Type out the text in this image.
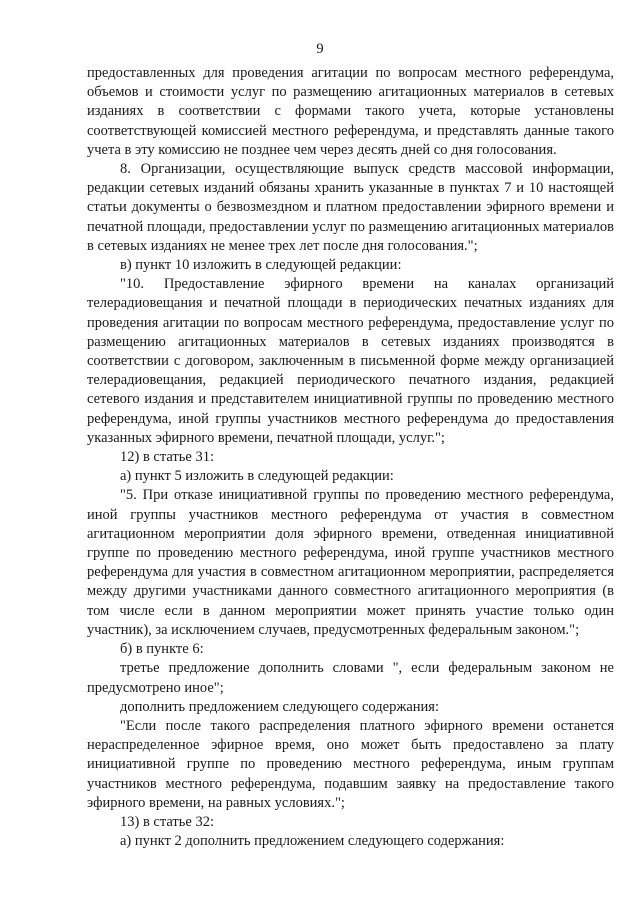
9

предоставленных для проведения агитации по вопросам местного референдума, объемов и стоимости услуг по размещению агитационных материалов в сетевых изданиях в соответствии с формами такого учета, которые установлены соответствующей комиссией местного референдума, и представлять данные такого учета в эту комиссию не позднее чем через десять дней со дня голосования.

8. Организации, осуществляющие выпуск средств массовой информации, редакции сетевых изданий обязаны хранить указанные в пунктах 7 и 10 настоящей статьи документы о безвозмездном и платном предоставлении эфирного времени и печатной площади, предоставлении услуг по размещению агитационных материалов в сетевых изданиях не менее трех лет после дня голосования.";

в) пункт 10 изложить в следующей редакции:

"10. Предоставление эфирного времени на каналах организаций телерадиовещания и печатной площади в периодических печатных изданиях для проведения агитации по вопросам местного референдума, предоставление услуг по размещению агитационных материалов в сетевых изданиях производятся в соответствии с договором, заключенным в письменной форме между организацией телерадиовещания, редакцией периодического печатного издания, редакцией сетевого издания и представителем инициативной группы по проведению местного референдума, иной группы участников местного референдума до предоставления указанных эфирного времени, печатной площади, услуг.";

12) в статье 31:

а) пункт 5 изложить в следующей редакции:

"5. При отказе инициативной группы по проведению местного референдума, иной группы участников местного референдума от участия в совместном агитационном мероприятии доля эфирного времени, отведенная инициативной группе по проведению местного референдума, иной группе участников местного референдума для участия в совместном агитационном мероприятии, распределяется между другими участниками данного совместного агитационного мероприятия (в том числе если в данном мероприятии может принять участие только один участник), за исключением случаев, предусмотренных федеральным законом.";

б) в пункте 6:

третье предложение дополнить словами ", если федеральным законом не предусмотрено иное";

дополнить предложением следующего содержания:

"Если после такого распределения платного эфирного времени останется нераспределенное эфирное время, оно может быть предоставлено за плату инициативной группе по проведению местного референдума, иным группам участников местного референдума, подавшим заявку на предоставление такого эфирного времени, на равных условиях.";

13) в статье 32:

а) пункт 2 дополнить предложением следующего содержания:
